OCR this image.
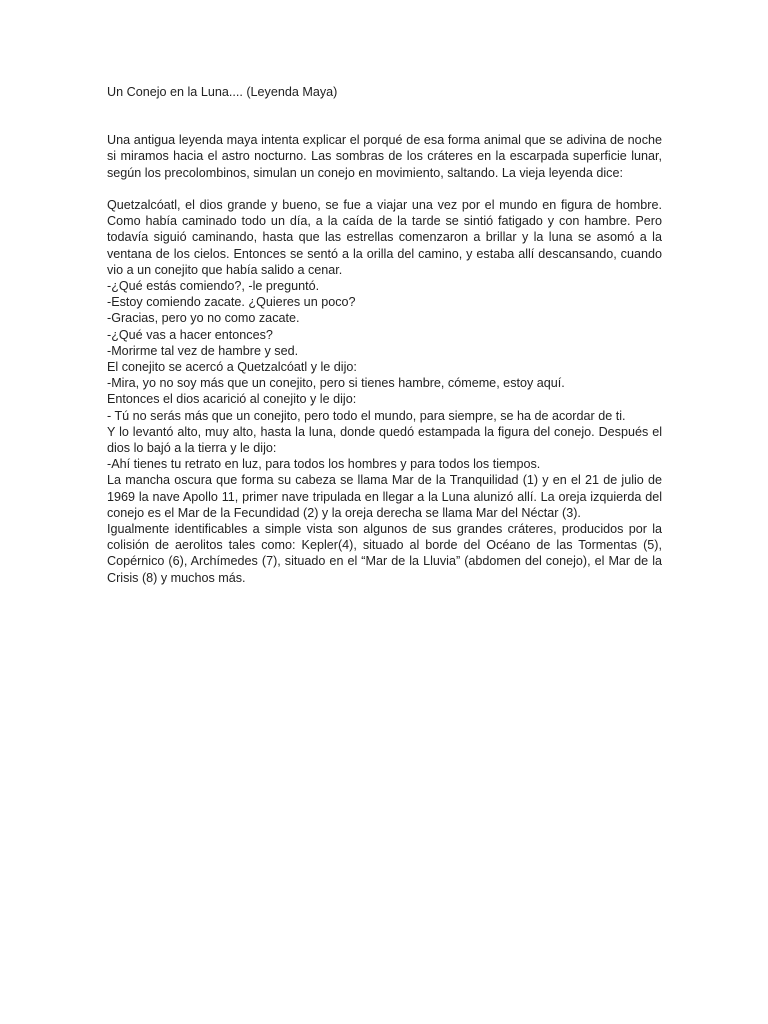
Un Conejo en la Luna.... (Leyenda Maya)

Una antigua leyenda maya intenta explicar el porqué de esa forma animal que se adivina de noche si miramos hacia el astro nocturno. Las sombras de los cráteres en la escarpada superficie lunar, según los precolombinos, simulan un conejo en movimiento, saltando. La vieja leyenda dice:

Quetzalcóatl, el dios grande y bueno, se fue a viajar una vez por el mundo en figura de hombre. Como había caminado todo un día, a la caída de la tarde se sintió fatigado y con hambre. Pero todavía siguió caminando, hasta que las estrellas comenzaron a brillar y la luna se asomó a la ventana de los cielos. Entonces se sentó a la orilla del camino, y estaba allí descansando, cuando vio a un conejito que había salido a cenar.

-¿Qué estás comiendo?, -le preguntó.

-Estoy comiendo zacate. ¿Quieres un poco?

-Gracias, pero yo no como zacate.

-¿Qué vas a hacer entonces?

-Morirme tal vez de hambre y sed.

El conejito se acercó a Quetzalcóatl y le dijo:

-Mira, yo no soy más que un conejito, pero si tienes hambre, cómeme, estoy aquí.

Entonces el dios acarició al conejito y le dijo:

- Tú no serás más que un conejito, pero todo el mundo, para siempre, se ha de acordar de ti.

Y lo levantó alto, muy alto, hasta la luna, donde quedó estampada la figura del conejo. Después el dios lo bajó a la tierra y le dijo:

-Ahí tienes tu retrato en luz, para todos los hombres y para todos los tiempos.

La mancha oscura que forma su cabeza se llama Mar de la Tranquilidad (1) y en el 21 de julio de 1969 la nave Apollo 11, primer nave tripulada en llegar a la Luna alunizó allí. La oreja izquierda del conejo es el Mar de la Fecundidad (2) y la oreja derecha se llama Mar del Néctar (3).

Igualmente identificables a simple vista son algunos de sus grandes cráteres, producidos por la colisión de aerolitos tales como: Kepler(4), situado al borde del Océano de las Tormentas (5), Copérnico (6), Archímedes (7), situado en el “Mar de la Lluvia” (abdomen del conejo), el Mar de la Crisis (8) y muchos más.
